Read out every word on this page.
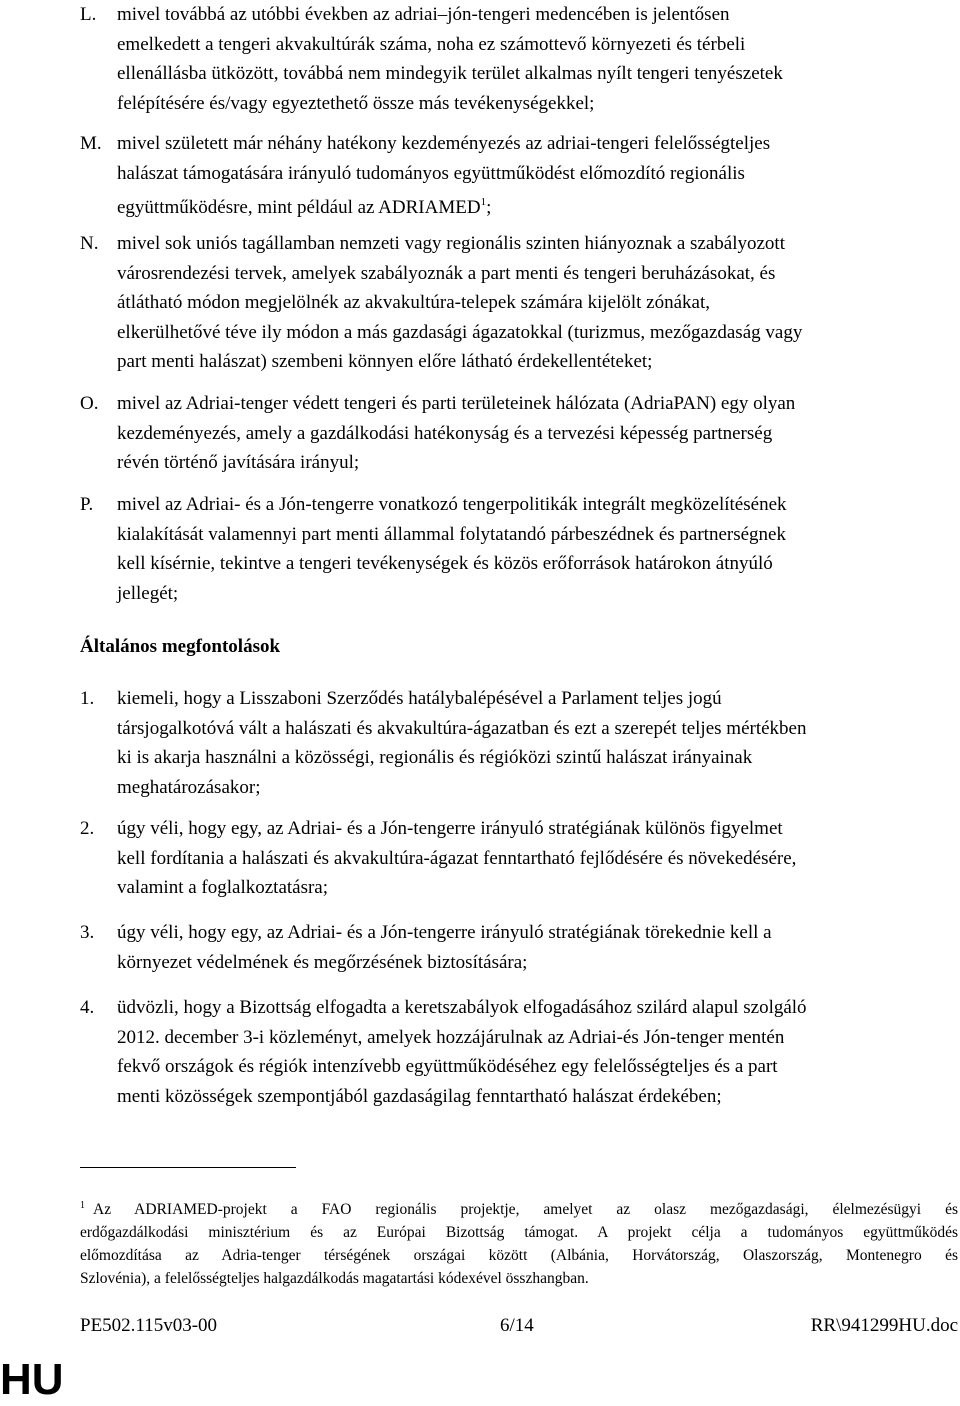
L. mivel továbbá az utóbbi években az adriai–jón-tengeri medencében is jelentősen
emelkedett a tengeri akvakultúrák száma, noha ez számottevő környezeti és térbeli
ellenállásba ütközött, továbbá nem mindegyik terület alkalmas nyílt tengeri tenyészetek
felépítésére és/vagy egyeztethető össze más tevékenységekkel;
M. mivel született már néhány hatékony kezdeményezés az adriai-tengeri felelősségteljes
halászat támogatására irányuló tudományos együttműködést előmozdító regionális
együttműködésre, mint például az ADRIAMED$^1$;
N. mivel sok uniós tagállamban nemzeti vagy regionális szinten hiányoznak a szabályozott
városrendezési tervek, amelyek szabályoznák a part menti és tengeri beruházásokat, és
átlátható módon megjelölnék az akvakultúra-telepek számára kijelölt zónákat,
elkerülhetővé téve ily módon a más gazdasági ágazatokkal (turizmus, mezőgazdaság vagy
part menti halászat) szembeni könnyen előre látható érdekellentéteket;
O. mivel az Adriai-tenger védett tengeri és parti területeinek hálózata (AdriaPAN) egy olyan
kezdeményezés, amely a gazdálkodási hatékonyság és a tervezési képesség partnerség
révén történő javítására irányul;
P. mivel az Adriai- és a Jón-tengerre vonatkozó tengerpolitikák integrált megközelítésének
kialakítását valamennyi part menti állammal folytatandó párbeszédnek és partnerségnek
kell kísérnie, tekintve a tengeri tevékenységek és közös erőforrások határokon átnyúló
jellegét;
Általános megfontolások
1. kiemeli, hogy a Lisszaboni Szerződés hatálybalépésével a Parlament teljes jogú
társjogalkotóvá vált a halászati és akvakultúra-ágazatban és ezt a szerepét teljes mértékben
ki is akarja használni a közösségi, regionális és régióközi szintű halászat irányainak
meghatározásakor;
2. úgy véli, hogy egy, az Adriai- és a Jón-tengerre irányuló stratégiának különös figyelmet
kell fordítania a halászati és akvakultúra-ágazat fenntartható fejlődésére és növekedésére,
valamint a foglalkoztatásra;
3. úgy véli, hogy egy, az Adriai- és a Jón-tengerre irányuló stratégiának törekednie kell a
környezet védelmének és megőrzésének biztosítására;
4. üdvözli, hogy a Bizottság elfogadta a keretszabályok elfogadásához szilárd alapul szolgáló
2012. december 3-i közleményt, amelyek hozzájárulnak az Adriai-és Jón-tenger mentén
fekvő országok és régiók intenzívebb együttműködéséhez egy felelősségteljes és a part
menti közösségek szempontjából gazdaságilag fenntartható halászat érdekében;
$^1$ Az ADRIAMED-projekt a FAO regionális projektje, amelyet az olasz mezőgazdasági, élelmezésügyi és
erdőgazdálkodási minisztérium és az Európai Bizottság támogat. A projekt célja a tudományos együttműködés
előmozdítása az Adria-tenger térségének országai között (Albánia, Horvátország, Olaszország, Montenegro és
Szlovénia), a felelősségteljes halgazdálkodás magatartási kódexével összhangban.
PE502.115v03-00	6/14	RR\941299HU.doc
HU
